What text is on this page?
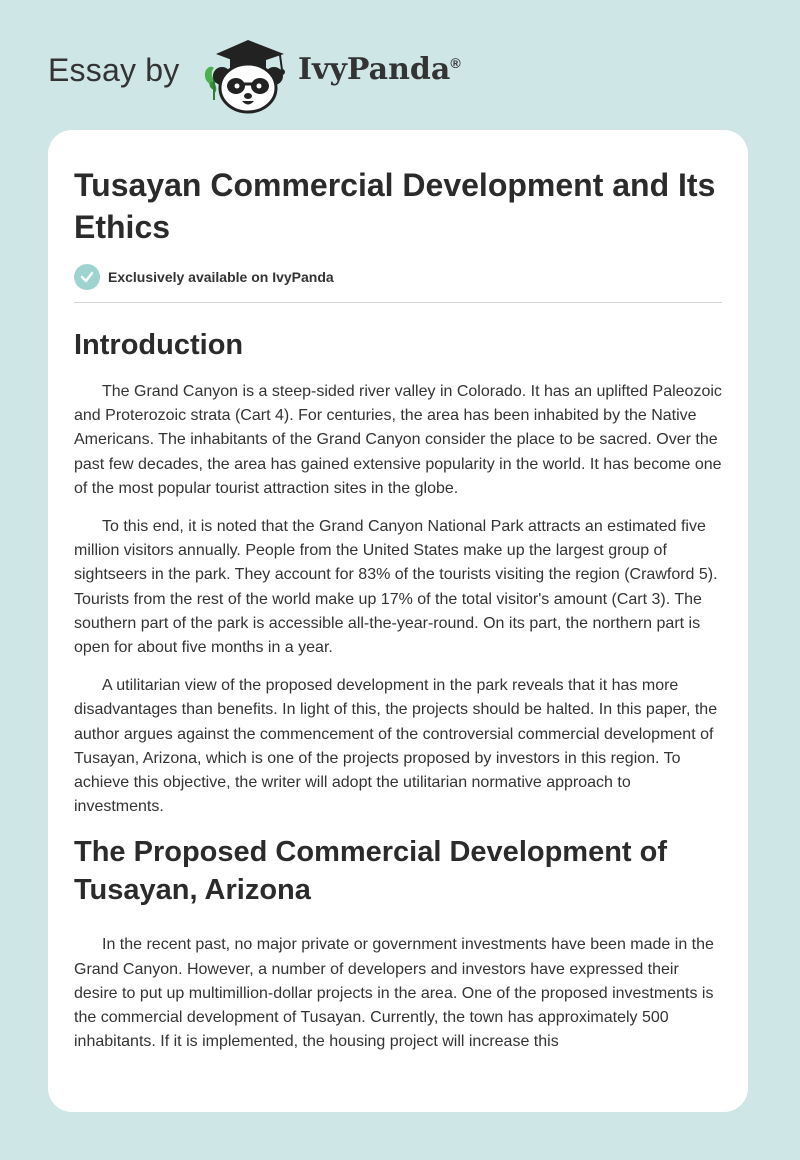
Essay by	IvyPanda®
Tusayan Commercial Development and Its Ethics
Exclusively available on IvyPanda
Introduction

The Grand Canyon is a steep-sided river valley in Colorado. It has an uplifted Paleozoic and Proterozoic strata (Cart 4). For centuries, the area has been inhabited by the Native Americans. The inhabitants of the Grand Canyon consider the place to be sacred. Over the past few decades, the area has gained extensive popularity in the world. It has become one of the most popular tourist attraction sites in the globe.

To this end, it is noted that the Grand Canyon National Park attracts an estimated five million visitors annually. People from the United States make up the largest group of sightseers in the park. They account for 83% of the tourists visiting the region (Crawford 5). Tourists from the rest of the world make up 17% of the total visitor's amount (Cart 3). The southern part of the park is accessible all-the-year-round. On its part, the northern part is open for about five months in a year.

A utilitarian view of the proposed development in the park reveals that it has more disadvantages than benefits. In light of this, the projects should be halted. In this paper, the author argues against the commencement of the controversial commercial development of Tusayan, Arizona, which is one of the projects proposed by investors in this region. To achieve this objective, the writer will adopt the utilitarian normative approach to investments.

The Proposed Commercial Development of Tusayan, Arizona

In the recent past, no major private or government investments have been made in the Grand Canyon. However, a number of developers and investors have expressed their desire to put up multimillion-dollar projects in the area. One of the proposed investments is the commercial development of Tusayan. Currently, the town has approximately 500 inhabitants. If it is implemented, the housing project will increase this
